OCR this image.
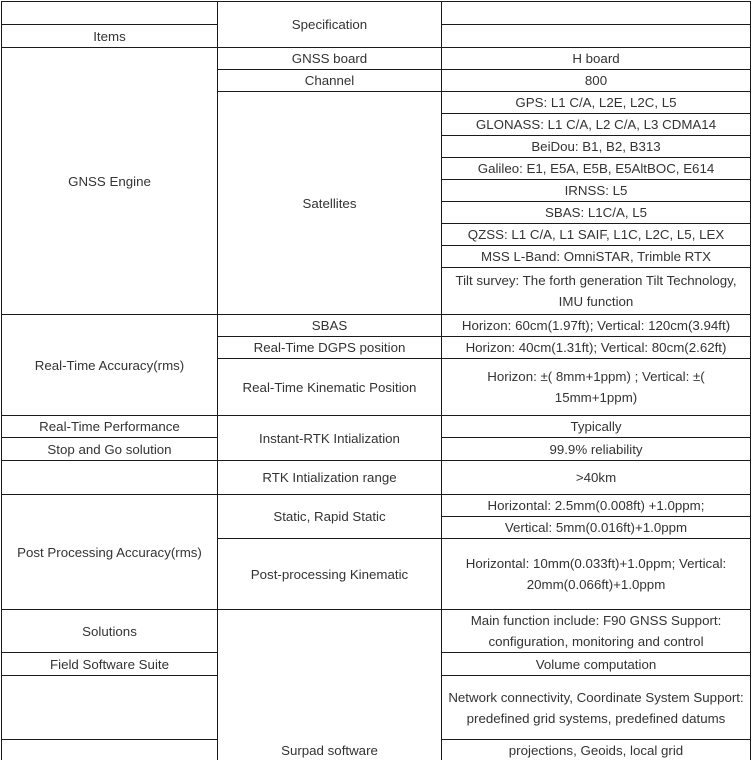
Items
GNSS Engine
Real-Time Accuracy(rms)
Real-Time Performance
Stop and Go solution
Post Processing Accuracy(rms)
Solutions
Field Software Suite
Specification
GNSS board
Channel
Satellites
SBAS
Real-Time DGPS position
Real-Time Kinematic Position
Instant-RTK Intialization
RTK Intialization range
Static, Rapid Static
Post-processing Kinematic
Surpad software
H board
800
GPS: L1 C/A, L2E, L2C, L5
GLONASS: L1 C/A, L2 C/A, L3 CDMA14
BeiDou: B1, B2, B313
Galileo: E1, E5A, E5B, E5AltBOC, E614
IRNSS: L5
SBAS: L1C/A, L5
QZSS: L1 C/A, L1 SAIF, L1C, L2C, L5, LEX
MSS L-Band: OmniSTAR, Trimble RTX
Tilt survey: The forth generation Tilt Technology, IMU function
Horizon: 60cm(1.97ft); Vertical: 120cm(3.94ft)
Horizon: 40cm(1.31ft); Vertical: 80cm(2.62ft)
Horizon: ±( 8mm+1ppm) ; Vertical: ±( 15mm+1ppm)
Typically
99.9% reliability
>40km
Horizontal: 2.5mm(0.008ft) +1.0ppm;
Vertical: 5mm(0.016ft)+1.0ppm
Horizontal: 10mm(0.033ft)+1.0ppm; Vertical: 20mm(0.066ft)+1.0ppm
Main function include: F90 GNSS Support: configuration, monitoring and control
Volume computation
Network connectivity, Coordinate System Support: predefined grid systems, predefined datums
projections, Geoids, local grid
